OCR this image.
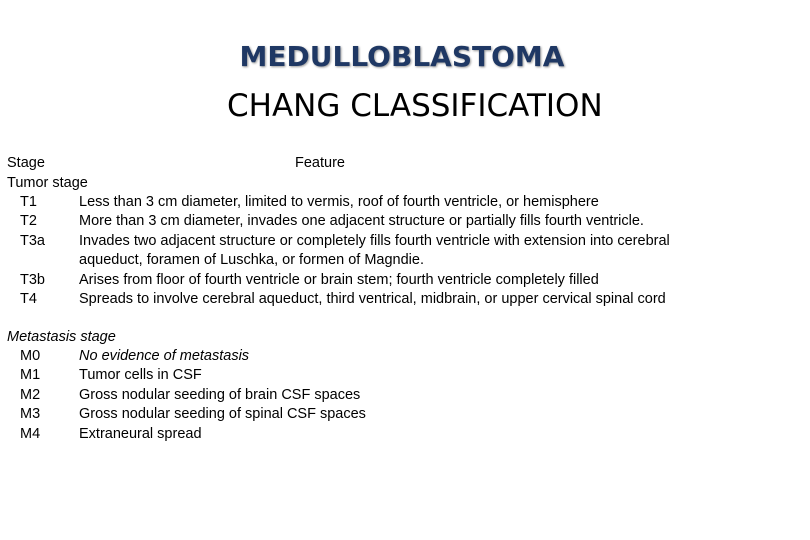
MEDULLOBLASTOMA
CHANG CLASSIFICATION
Stage	Feature
Tumor stage
T1	Less than 3 cm diameter, limited to vermis, roof of fourth ventricle, or hemisphere
T2	More than 3 cm diameter, invades one adjacent structure or partially fills fourth ventricle.
T3a Invades two adjacent structure or completely fills fourth ventricle with extension into cerebral
aqueduct, foramen of Luschka, or formen of Magndie.
T3b Arises from floor of fourth ventricle or brain stem; fourth ventricle completely filled
T4	Spreads to involve cerebral aqueduct, third ventrical, midbrain, or upper cervical spinal cord
Metastasis stage
M0	No evidence of metastasis
M1	Tumor cells in CSF
M2	Gross nodular seeding of brain CSF spaces
M3	Gross nodular seeding of spinal CSF spaces
M4	Extraneural spread
